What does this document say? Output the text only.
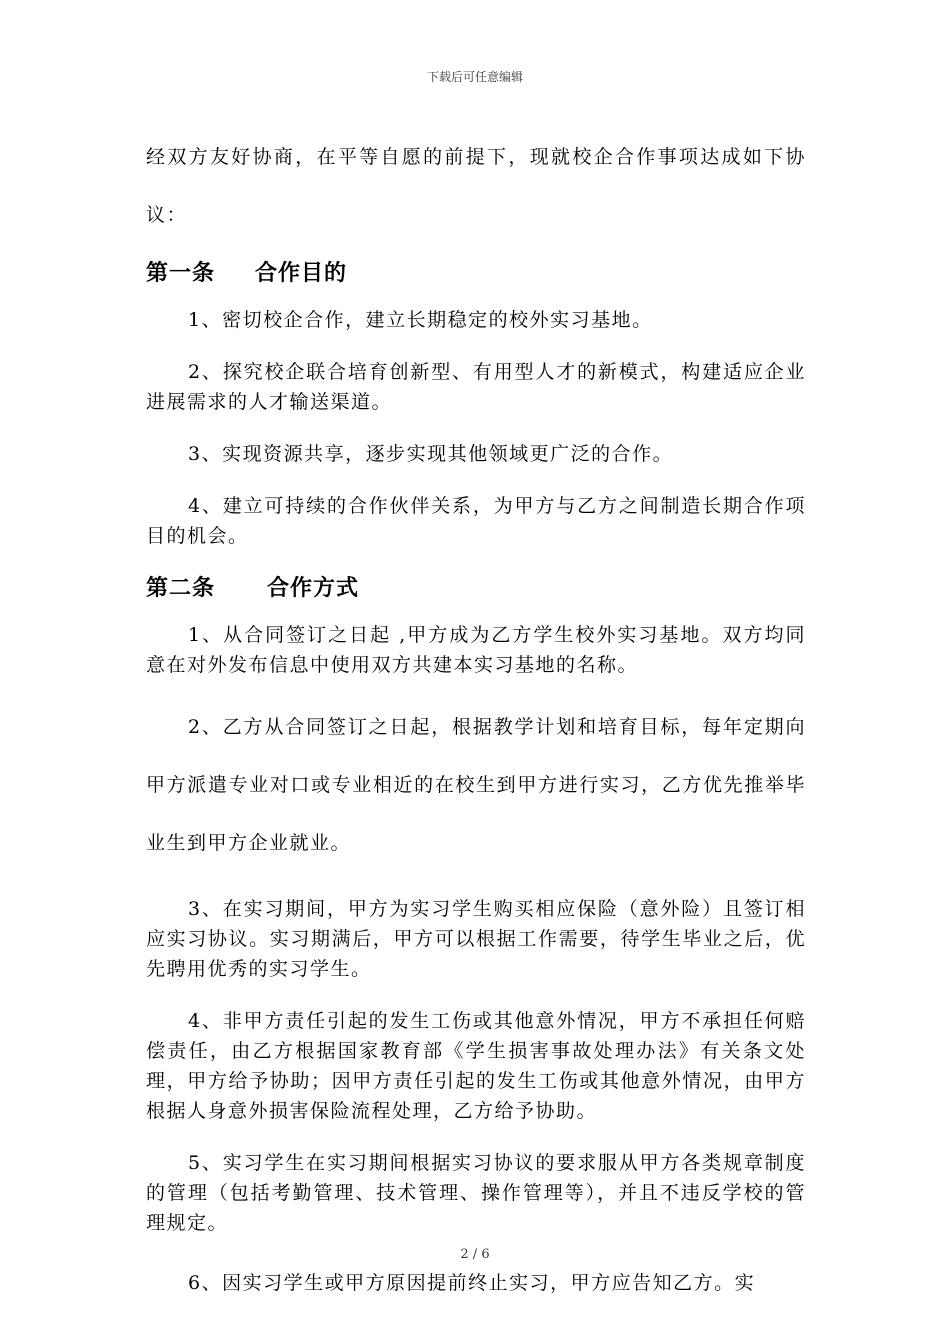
下载后可任意编辑

经双方友好协商，在平等自愿的前提下，现就校企合作事项达成如下协议：

第一条 合作目的

1、密切校企合作，建立长期稳定的校外实习基地。

2、探究校企联合培育创新型、有用型人才的新模式，构建适应企业进展需求的人才输送渠道。

3、实现资源共享，逐步实现其他领域更广泛的合作。

4、建立可持续的合作伙伴关系，为甲方与乙方之间制造长期合作项目的机会。

第二条 合作方式

1、从合同签订之日起 ,甲方成为乙方学生校外实习基地。双方均同意在对外发布信息中使用双方共建本实习基地的名称。

2、乙方从合同签订之日起，根据教学计划和培育目标，每年定期向甲方派遣专业对口或专业相近的在校生到甲方进行实习，乙方优先推举毕业生到甲方企业就业。

3、在实习期间，甲方为实习学生购买相应保险（意外险）且签订相应实习协议。实习期满后，甲方可以根据工作需要，待学生毕业之后，优先聘用优秀的实习学生。

4、非甲方责任引起的发生工伤或其他意外情况，甲方不承担任何赔偿责任，由乙方根据国家教育部《学生损害事故处理办法》有关条文处理，甲方给予协助；因甲方责任引起的发生工伤或其他意外情况，由甲方根据人身意外损害保险流程处理，乙方给予协助。

5、实习学生在实习期间根据实习协议的要求服从甲方各类规章制度的管理（包括考勤管理、技术管理、操作管理等），并且不违反学校的管理规定。

6、因实习学生或甲方原因提前终止实习，甲方应告知乙方。实

2 / 6
